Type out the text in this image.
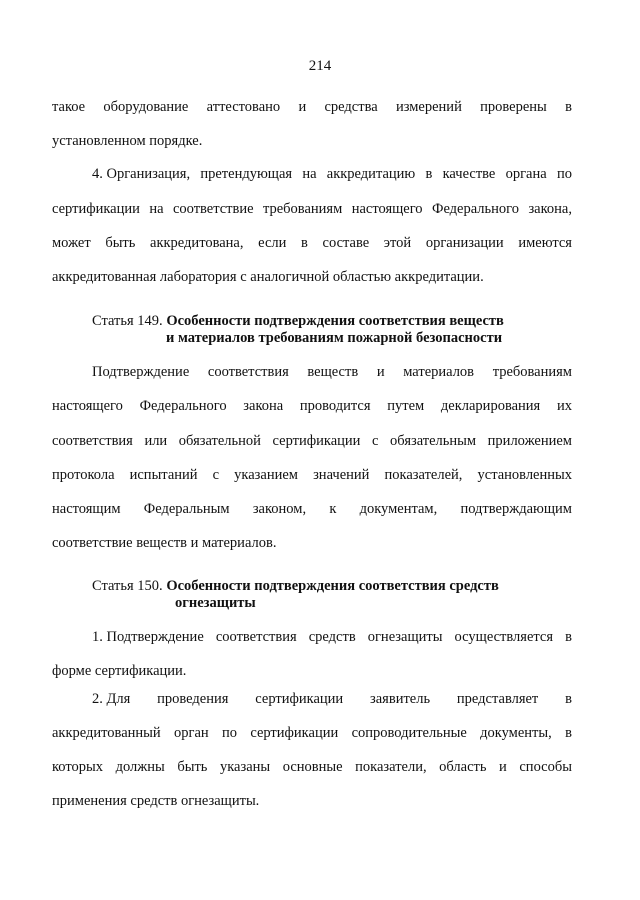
214
такое оборудование аттестовано и средства измерений проверены в
установленном порядке.
4. Организация, претендующая на аккредитацию в качестве органа по
сертификации на соответствие требованиям настоящего Федерального закона,
может быть аккредитована, если в составе этой организации имеются
аккредитованная лаборатория с аналогичной областью аккредитации.
Статья 149. Особенности подтверждения соответствия веществ
и материалов требованиям пожарной безопасности
Подтверждение соответствия веществ и материалов требованиям
настоящего Федерального закона проводится путем декларирования их
соответствия или обязательной сертификации с обязательным приложением
протокола испытаний с указанием значений показателей, установленных
настоящим Федеральным законом, к документам, подтверждающим
соответствие веществ и материалов.
Статья 150. Особенности подтверждения соответствия средств
огнезащиты
1. Подтверждение соответствия средств огнезащиты осуществляется в
форме сертификации.
2. Для проведения сертификации заявитель представляет в
аккредитованный орган по сертификации сопроводительные документы, в
которых должны быть указаны основные показатели, область и способы
применения средств огнезащиты.
